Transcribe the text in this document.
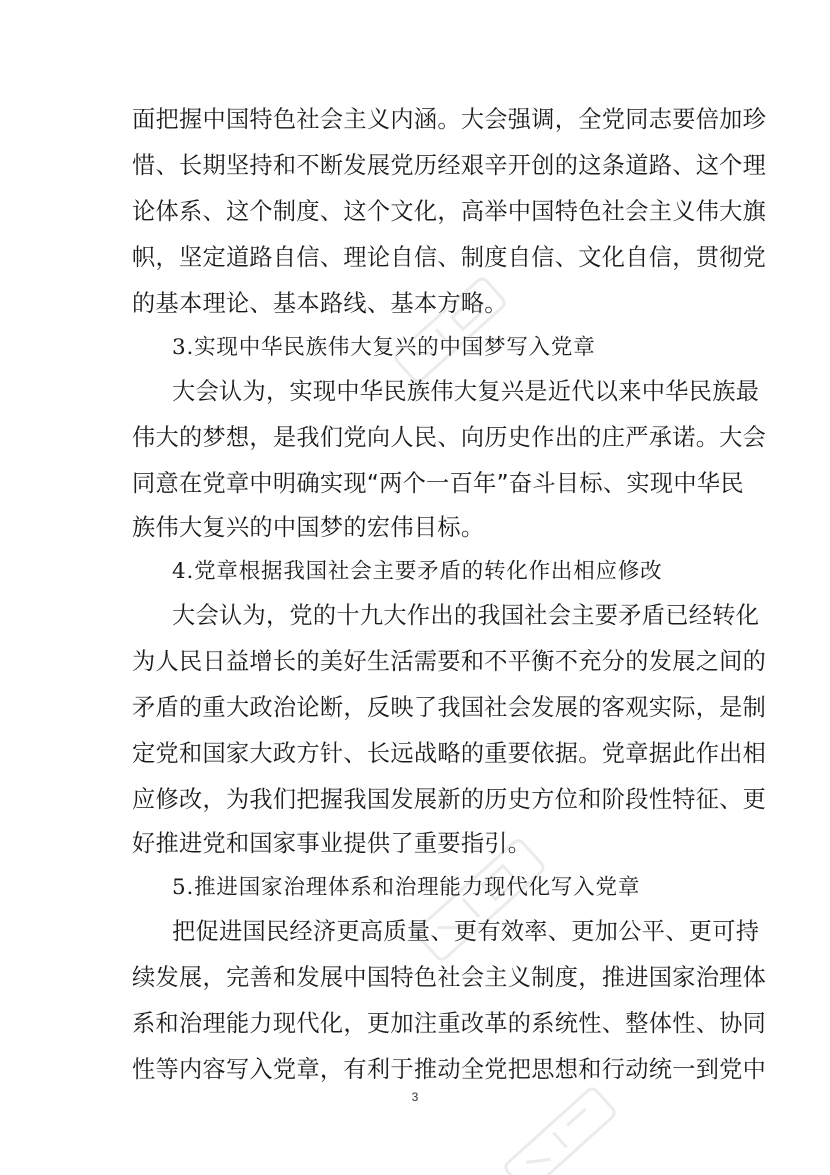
面把握中国特色社会主义内涵。大会强调，全党同志要倍加珍
惜、长期坚持和不断发展党历经艰辛开创的这条道路、这个理
论体系、这个制度、这个文化，高举中国特色社会主义伟大旗
帜，坚定道路自信、理论自信、制度自信、文化自信，贯彻党
的基本理论、基本路线、基本方略。
3.实现中华民族伟大复兴的中国梦写入党章
大会认为，实现中华民族伟大复兴是近代以来中华民族最
伟大的梦想，是我们党向人民、向历史作出的庄严承诺。大会
同意在党章中明确实现“两个一百年”奋斗目标、实现中华民
族伟大复兴的中国梦的宏伟目标。
4.党章根据我国社会主要矛盾的转化作出相应修改
大会认为，党的十九大作出的我国社会主要矛盾已经转化
为人民日益增长的美好生活需要和不平衡不充分的发展之间的
矛盾的重大政治论断，反映了我国社会发展的客观实际，是制
定党和国家大政方针、长远战略的重要依据。党章据此作出相
应修改，为我们把握我国发展新的历史方位和阶段性特征、更
好推进党和国家事业提供了重要指引。
5.推进国家治理体系和治理能力现代化写入党章
把促进国民经济更高质量、更有效率、更加公平、更可持
续发展，完善和发展中国特色社会主义制度，推进国家治理体
系和治理能力现代化，更加注重改革的系统性、整体性、协同
性等内容写入党章，有利于推动全党把思想和行动统一到党中
3
